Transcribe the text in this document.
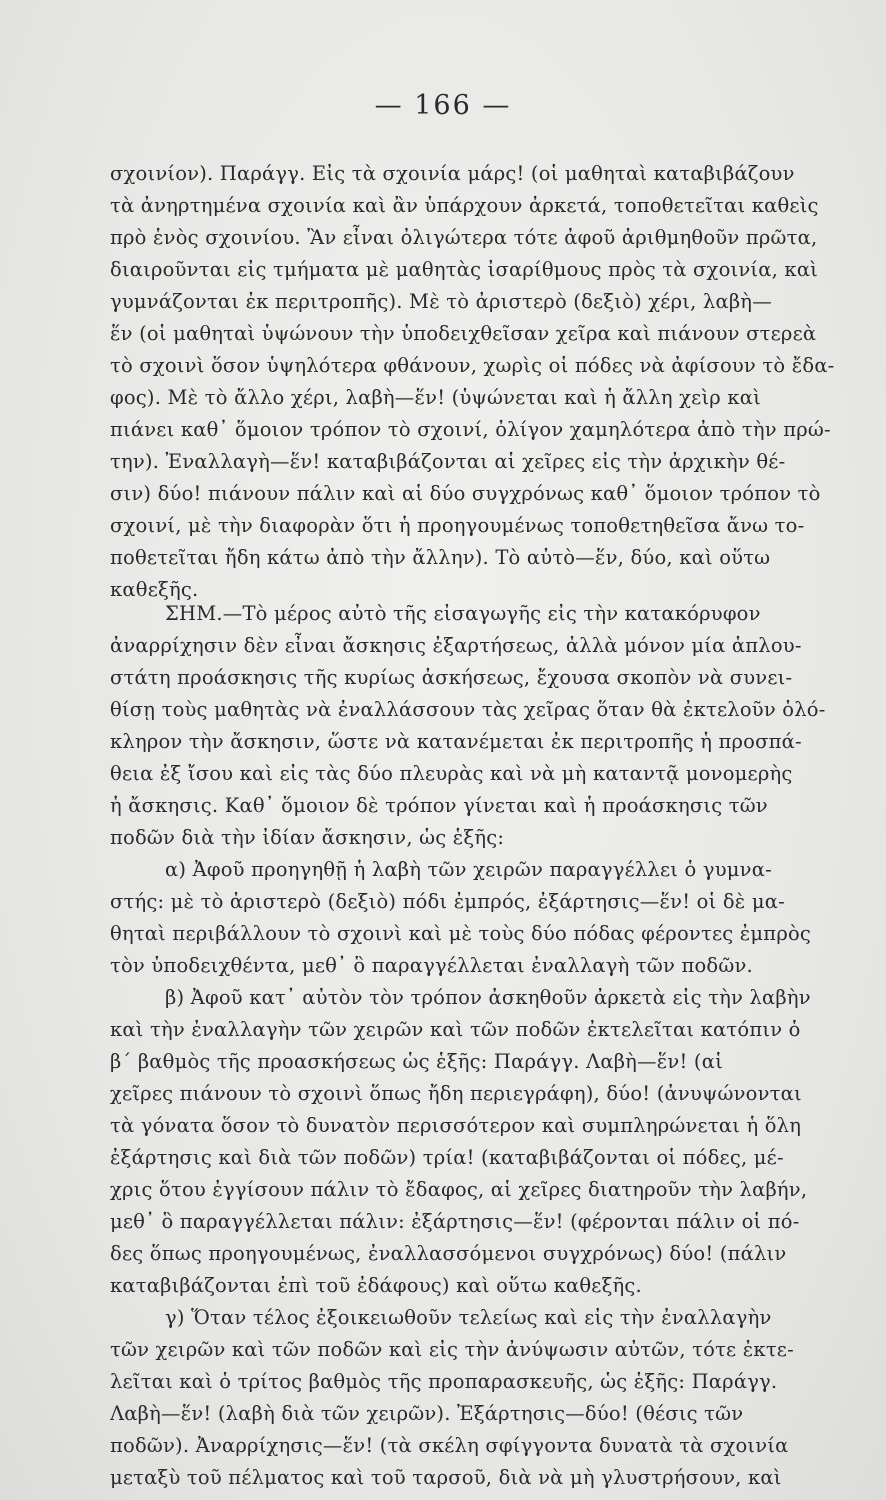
— 166 —
σχοινίον). Παράγγ. Εἰς τὰ σχοινία μάρς! (οἱ μαθηταὶ καταβιβάζουν
τὰ ἀνηρτημένα σχοινία καὶ ἂν ὑπάρχουν ἀρκετά, τοποθετεῖται καθεὶς
πρὸ ἑνὸς σχοινίου. Ἂν εἶναι ὀλιγώτερα τότε ἀφοῦ ἀριθμηθοῦν πρῶτα,
διαιροῦνται εἰς τμήματα μὲ μαθητὰς ἰσαρίθμους πρὸς τὰ σχοινία, καὶ
γυμνάζονται ἐκ περιτροπῆς). Μὲ τὸ ἀριστερὸ (δεξιὸ) χέρι, λαβὴ—
ἕν (οἱ μαθηταὶ ὑψώνουν τὴν ὑποδειχθεῖσαν χεῖρα καὶ πιάνουν στερεὰ
τὸ σχοινὶ ὅσον ὑψηλότερα φθάνουν, χωρὶς οἱ πόδες νὰ ἀφίσουν τὸ ἔδα-
φος). Μὲ τὸ ἄλλο χέρι, λαβὴ—ἕν! (ὑψώνεται καὶ ἡ ἄλλη χεὶρ καὶ
πιάνει καθ᾽ ὅμοιον τρόπον τὸ σχοινί, ὀλίγον χαμηλότερα ἀπὸ τὴν πρώ-
την). Ἐναλλαγὴ—ἕν! καταβιβάζονται αἱ χεῖρες εἰς τὴν ἀρχικὴν θέ-
σιν) δύο! πιάνουν πάλιν καὶ αἱ δύο συγχρόνως καθ᾽ ὅμοιον τρόπον τὸ
σχοινί, μὲ τὴν διαφορὰν ὅτι ἡ προηγουμένως τοποθετηθεῖσα ἄνω το-
ποθετεῖται ἤδη κάτω ἀπὸ τὴν ἄλλην). Τὸ αὐτὸ—ἕν, δύο, καὶ οὕτω
καθεξῆς.
ΣΗΜ.—Τὸ μέρος αὐτὸ τῆς εἰσαγωγῆς εἰς τὴν κατακόρυφον
ἀναρρίχησιν δὲν εἶναι ἄσκησις ἐξαρτήσεως, ἀλλὰ μόνον μία ἁπλου-
στάτη προάσκησις τῆς κυρίως ἀσκήσεως, ἔχουσα σκοπὸν νὰ συνει-
θίσῃ τοὺς μαθητὰς νὰ ἐναλλάσσουν τὰς χεῖρας ὅταν θὰ ἐκτελοῦν ὁλό-
κληρον τὴν ἄσκησιν, ὥστε νὰ κατανέμεται ἐκ περιτροπῆς ἡ προσπά-
θεια ἐξ ἴσου καὶ εἰς τὰς δύο πλευρὰς καὶ νὰ μὴ καταντᾷ μονομερὴς
ἡ ἄσκησις. Καθ᾽ ὅμοιον δὲ τρόπον γίνεται καὶ ἡ προάσκησις τῶν
ποδῶν διὰ τὴν ἰδίαν ἄσκησιν, ὡς ἑξῆς:
α) Ἀφοῦ προηγηθῇ ἡ λαβὴ τῶν χειρῶν παραγγέλλει ὁ γυμνα-
στής: μὲ τὸ ἀριστερὸ (δεξιὸ) πόδι ἐμπρός, ἐξάρτησις—ἕν! οἱ δὲ μα-
θηταὶ περιβάλλουν τὸ σχοινὶ καὶ μὲ τοὺς δύο πόδας φέροντες ἐμπρὸς
τὸν ὑποδειχθέντα, μεθ᾽ ὃ παραγγέλλεται ἐναλλαγὴ τῶν ποδῶν.
β) Ἀφοῦ κατ᾽ αὐτὸν τὸν τρόπον ἀσκηθοῦν ἀρκετὰ εἰς τὴν λαβὴν
καὶ τὴν ἐναλλαγὴν τῶν χειρῶν καὶ τῶν ποδῶν ἐκτελεῖται κατόπιν ὁ
β΄ βαθμὸς τῆς προασκήσεως ὡς ἑξῆς: Παράγγ. Λαβὴ—ἕν! (αἱ
χεῖρες πιάνουν τὸ σχοινὶ ὅπως ἤδη περιεγράφη), δύο! (ἀνυψώνονται
τὰ γόνατα ὅσον τὸ δυνατὸν περισσότερον καὶ συμπληρώνεται ἡ ὅλη
ἐξάρτησις καὶ διὰ τῶν ποδῶν) τρία! (καταβιβάζονται οἱ πόδες, μέ-
χρις ὅτου ἐγγίσουν πάλιν τὸ ἔδαφος, αἱ χεῖρες διατηροῦν τὴν λαβήν,
μεθ᾽ ὃ παραγγέλλεται πάλιν: ἐξάρτησις—ἕν! (φέρονται πάλιν οἱ πό-
δες ὅπως προηγουμένως, ἐναλλασσόμενοι συγχρόνως) δύο! (πάλιν
καταβιβάζονται ἐπὶ τοῦ ἐδάφους) καὶ οὕτω καθεξῆς.
γ) Ὅταν τέλος ἐξοικειωθοῦν τελείως καὶ εἰς τὴν ἐναλλαγὴν
τῶν χειρῶν καὶ τῶν ποδῶν καὶ εἰς τὴν ἀνύψωσιν αὐτῶν, τότε ἐκτε-
λεῖται καὶ ὁ τρίτος βαθμὸς τῆς προπαρασκευῆς, ὡς ἑξῆς: Παράγγ.
Λαβὴ—ἕν! (λαβὴ διὰ τῶν χειρῶν). Ἐξάρτησις—δύο! (θέσις τῶν
ποδῶν). Ἀναρρίχησις—ἕν! (τὰ σκέλη σφίγγοντα δυνατὰ τὰ σχοινία
μεταξὺ τοῦ πέλματος καὶ τοῦ ταρσοῦ, διὰ νὰ μὴ γλυστρήσουν, καὶ
